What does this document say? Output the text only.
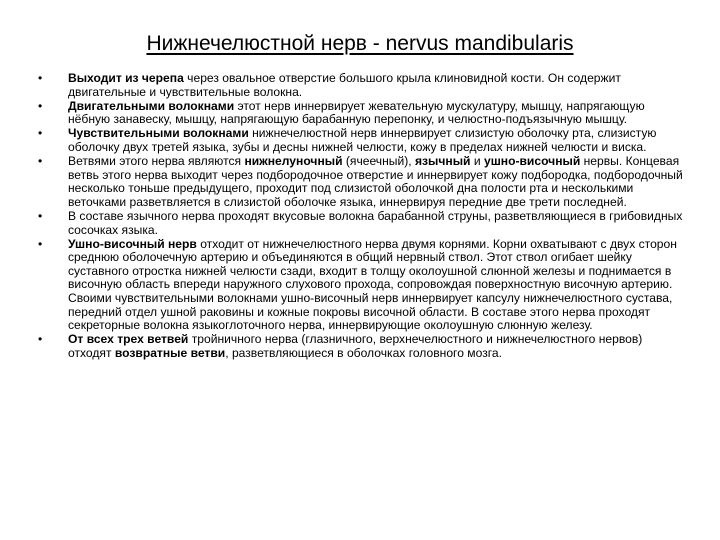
Нижнечелюстной нерв - nervus mandibularis
• Выходит из черепа через овальное отверстие большого крыла клиновидной кости. Он содержит двигательные и чувствительные волокна.
• Двигательными волокнами этот нерв иннервирует жевательную мускулатуру, мышцу, напрягающую нёбную занавеску, мышцу, напрягающую барабанную перепонку, и челюстно-подъязычную мышцу.
• Чувствительными волокнами нижнечелюстной нерв иннервирует слизистую оболочку рта, слизистую оболочку двух третей языка, зубы и десны нижней челюсти, кожу в пределах нижней челюсти и виска.
• Ветвями этого нерва являются нижнелуночный (ячеечный), язычный и ушно-височный нервы. Концевая ветвь этого нерва выходит через подбородочное отверстие и иннервирует кожу подбородка, подбородочный несколько тоньше предыдущего, проходит под слизистой оболочкой дна полости рта и несколькими веточками разветвляется в слизистой оболочке языка, иннервируя передние две трети последней.
• В составе язычного нерва проходят вкусовые волокна барабанной струны, разветвляющиеся в грибовидных сосочках языка.
• Ушно-височный нерв отходит от нижнечелюстного нерва двумя корнями. Корни охватывают с двух сторон среднюю оболочечную артерию и объединяются в общий нервный ствол. Этот ствол огибает шейку суставного отростка нижней челюсти сзади, входит в толщу околоушной слюнной железы и поднимается в височную область впереди наружного слухового прохода, сопровождая поверхностную височную артерию. Своими чувствительными волокнами ушно-височный нерв иннервирует капсулу нижнечелюстного сустава, передний отдел ушной раковины и кожные покровы височной области. В составе этого нерва проходят секреторные волокна языкоглоточного нерва, иннервирующие околоушную слюнную железу.
• От всех трех ветвей тройничного нерва (глазничного, верхнечелюстного и нижнечелюстного нервов) отходят возвратные ветви, разветвляющиеся в оболочках головного мозга.
